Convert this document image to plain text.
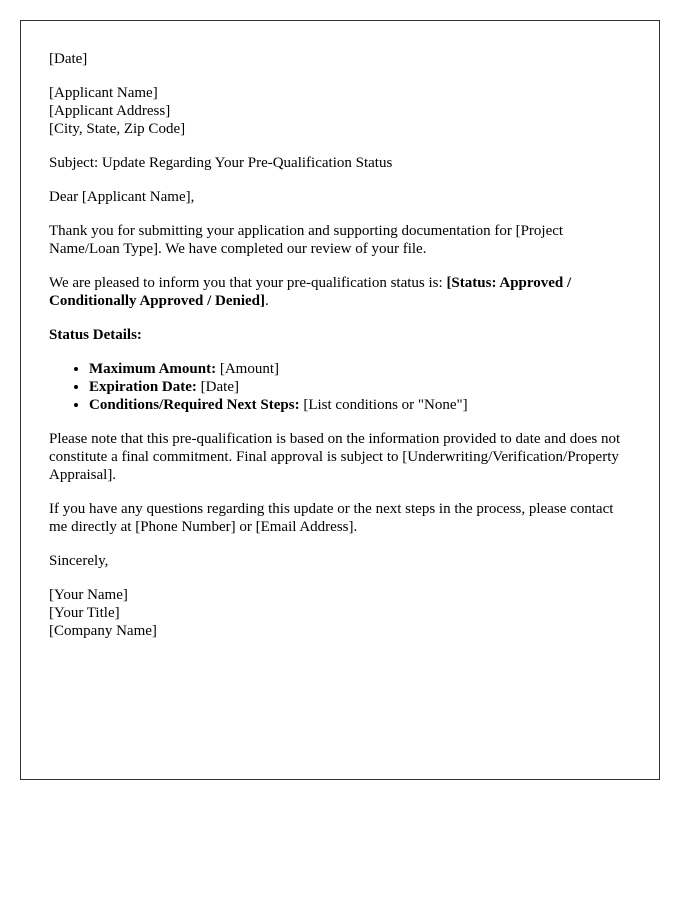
[Date]

[Applicant Name]
[Applicant Address]
[City, State, Zip Code]

Subject: Update Regarding Your Pre-Qualification Status

Dear [Applicant Name],

Thank you for submitting your application and supporting documentation for [Project Name/Loan Type]. We have completed our review of your file.

We are pleased to inform you that your pre-qualification status is: [Status: Approved / Conditionally Approved / Denied].

Status Details:

• Maximum Amount: [Amount]
• Expiration Date: [Date]
• Conditions/Required Next Steps: [List conditions or "None"]

Please note that this pre-qualification is based on the information provided to date and does not constitute a final commitment. Final approval is subject to [Underwriting/Verification/Property Appraisal].

If you have any questions regarding this update or the next steps in the process, please contact me directly at [Phone Number] or [Email Address].

Sincerely,

[Your Name]
[Your Title]
[Company Name]
